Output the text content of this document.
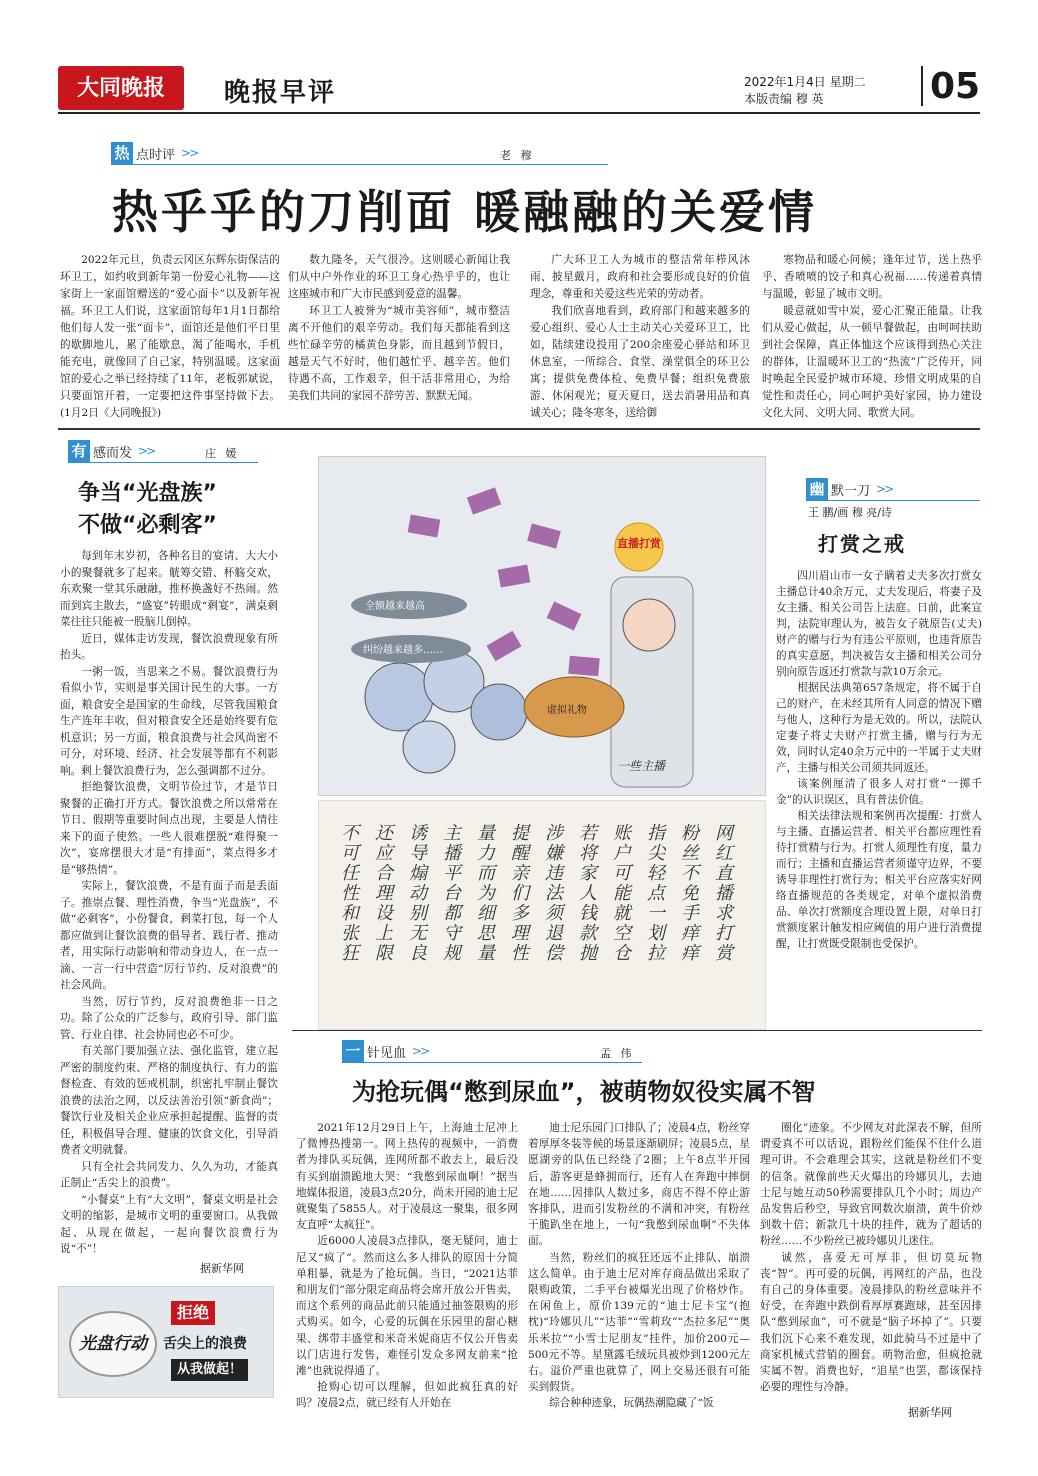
大同晚报	晚报早评	2022年1月4日 星期二
本版责编 穆 英	05
热 点时评 >>	老 穆
热乎乎的刀削面 暖融融的关爱情

2022年元旦，负责云冈区东辉东街保洁的环卫工，如约收到新年第一份爱心礼物——这家街上一家面馆赠送的“爱心面卡”以及新年祝福。环卫工人们说，这家面馆每年1月1日都给他们每人发一张“面卡”，面馆还是他们平日里的歇脚地儿，累了能歇息，渴了能喝水，手机能充电，就像回了自己家，特别温暖。这家面馆的爱心之举已经持续了11年，老板郭斌说，只要面馆开着，一定要把这件事坚持做下去。(1月2日《大同晚报》)

数九隆冬，天气很冷。这则暖心新闻让我们从中户外作业的环卫工身心热乎乎的，也让这座城市和广大市民感到爱意的温馨。

环卫工人被誉为“城市美容师”，城市整洁离不开他们的艰辛劳动。我们每天都能看到这些忙碌辛劳的橘黄色身影，而且越到节假日，越是天气不好时，他们越忙乎、越辛苦。他们待遇不高，工作艰辛，但干活非常用心，为给美我们共同的家园不辞劳苦、默默无闻。

广大环卫工人为城市的整洁常年栉风沐雨、披星戴月，政府和社会要形成良好的价值理念，尊重和关爱这些光荣的劳动者。

我们欣喜地看到，政府部门和越来越多的爱心组织、爱心人士主动关心关爱环卫工，比如，陆续建设投用了200余座爱心驿站和环卫休息室，一所综合、食堂、澡堂俱全的环卫公寓；提供免费体检、免费早餐；组织免费旅游、休闲观光；夏天夏日，送去消暑用品和真诚关心；隆冬寒冬，送给御

寒物品和暖心问候；逢年过节，送上热乎乎、香喷喷的饺子和真心祝福……传递着真情与温暖，彰显了城市文明。

暖意就如雪中炭，爱心汇聚正能量。让我们从爱心做起，从一顿早餐做起，由呵呵扶助到社会保障，真正体恤这个应该得到热心关注的群体，让温暖环卫工的“热流”广泛传开，同时唤起全民爱护城市环境、珍惜文明成果的自觉性和责任心，同心呵护美好家园，协力建设文化大同、文明大同、歌赏大同。

有 感而发 >>	庄 媛
争当“光盘族”
不做“必剩客”

每到年末岁初，各种名目的宴请、大大小小的聚餐就多了起来。觥筹交错、杯觞交欢，东欢聚一堂其乐融融，推杯换盏好不热闹。然而到宾主散去，“盛宴”转眼成“剩宴”，满桌剩菜往往只能被一股脑儿倒掉。

近日，媒体走访发现，餐饮浪费现象有所抬头。

一粥一饭，当思来之不易。餐饮浪费行为看似小节，实则是事关国计民生的大事。一方面，粮食安全是国家的生命线，尽管我国粮食生产连年丰收，但对粮食安全还是始终要有危机意识；另一方面，粮食浪费与社会风尚密不可分，对环境、经济、社会发展等都有不利影响。剩上餐饮浪费行为，怎么强调都不过分。

拒绝餐饮浪费，文明节俭过节，才是节日聚餐的正确打开方式。餐饮浪费之所以常常在节日、假期等重要时间点出现，主要是人情往来下的面子使然。一些人很难摆脱“难得聚一次”，宴席摆很大才是“有排面”，菜点得多才是“够热情”。

实际上，餐饮浪费，不是有面子而是丢面子。推崇点餐、理性消费，争当“光盘族”，不做“必剩客”，小份餐食，剩菜打包，每一个人都应做到让餐饮浪费的倡导者、践行者、推动者，用实际行动影响和带动身边人，在一点一滴、一言一行中营造“厉行节约、反对浪费”的社会风尚。

当然，厉行节约，反对浪费绝非一日之功。除了公众的广泛参与，政府引导、部门监管、行业自律、社会协同也必不可少。

有关部门要加强立法、强化监管，建立起严密的制度约束、严格的制度执行、有力的监督检查、有效的惩戒机制，织密扎牢制止餐饮浪费的法治之网，以反法善治引领“新食尚”；餐饮行业及相关企业应承担起提醒、监督的责任，积极倡导合理、健康的饮食文化，引导消费者文明就餐。

只有全社会共同发力、久久为功，才能真正制止“舌尖上的浪费”。

“小餐桌”上有“大文明”，餐桌文明是社会文明的缩影，是城市文明的重要窗口。从我做起、从现在做起，一起向餐饮浪费行为说“不”！

据新华网
光盘行动
拒绝
舌尖上的浪费
从我做起！
直播打赏
全额越来越高
纠纷越来越多……
虚拟礼物
一些主播
网红直播求打赏
粉丝不免手痒痒
指尖轻点一划拉
账户可能就空仓
若将家人钱款抛
涉嫌违法须退偿
提醒亲们多理性
量力而为细思量
主播平台都守规
诱导煽动别无良
还应合理设上限
不可任性和张狂
幽 默一刀 >>
王 鹏/画 穆 亮/诗
打赏之戒

四川眉山市一女子瞒着丈夫多次打赏女主播总计40余万元，丈夫发现后，将妻子及女主播、相关公司告上法庭。日前，此案宣判，法院审理认为，被告女子就原告(丈夫)财产的赠与行为有违公平原则，也违背原告的真实意愿，判决被告女主播和相关公司分别向原告返还打赏款与款10万余元。

根据民法典第657条规定，将不属于自己的财产，在未经其所有人同意的情况下赠与他人，这种行为是无效的。所以，法院认定妻子将丈夫财产打赏主播，赠与行为无效，同时认定40余万元中的一半属于丈夫财产，主播与相关公司须共同返还。

该案例厘清了很多人对打赏“一掷千金”的认识误区，具有普法价值。

相关法律法规和案例再次提醒：打赏人与主播、直播运营者、相关平台都应理性看待打赏精与行为。打赏人须理性有度，量力而行；主播和直播运营者须谨守边界，不要诱导非理性打赏行为；相关平台应落实好网络直播规范的各类规定，对单个虚拟消费品、单次打赏额度合理设置上限，对单日打赏额度累计触发相应阈值的用户进行消费提醒，让打赏既受限制也受保护。

一 针见血 >>	孟 伟
为抢玩偶“憋到尿血”，被萌物奴役实属不智

2021年12月29日上午，上海迪士尼冲上了微博热搜第一。网上热传的视频中，一消费者为排队买玩偶，连网所都不敢去上，最后没有买到崩溃跪地大哭：“我憋到尿血啊！”据当地媒体报道，凌晨3点20分，尚未开园的迪士尼就聚集了5855人。对于凌晨这一聚集，很多网友直呼“太疯狂”。

近6000人凌晨3点排队，毫无疑问，迪士尼又“疯了”。然而这么多人排队的原因十分简单粗暴，就是为了抢玩偶。当日，“2021达菲和朋友们”部分限定商品将会席开放公开售卖，而这个系列的商品此前只能通过抽签限购的形式购买。如今，心爱的玩偶在乐园里的甜心糖果、绑带丰盛堂和米奇米妮商店不仅公开售卖以门店进行发售，难怪引发众多网友前来“抢滩”也就说得通了。

抢购心切可以理解，但如此疯狂真的好吗？凌晨2点，就已经有人开始在

迪士尼乐园门口排队了；凌晨4点，粉丝穿着厚厚冬装等候的场景逐渐刷屏；凌晨5点，星愿湖旁的队伍已经绕了2圈；上午8点半开园后，游客更是蜂拥而行，还有人在奔跑中摔倒在地……因排队人数过多，商店不得不停止游客排队，进而引发粉丝的不满和冲突，有粉丝干脆趴坐在地上，一句“我憋到尿血啊”不失体面。

当然，粉丝们的疯狂还远不止排队、崩溃这么简单。由于迪士尼对库存商品做出采取了限购政策，二手平台被爆光出现了价格炒作。在闲鱼上，原价139元的“迪士尼卡宝”(抱枕)“玲娜贝儿”“达菲”“雪莉玫”“杰拉多尼”“奥乐米拉”“小雪士尼朋友”挂件，加价200元—500元不等。星黛露毛绒玩具被炒到1200元左右。溢价严重也就算了，网上交易还很有可能买到假货。

综合种种迹象，玩偶热潮隐藏了“饭

圈化”迹象。不少网友对此深表不解，但所谓爱真不可以话说，跟粉丝们能保不住什么道理可讲。不会难理会其实，这就是粉丝们不变的信条。就像前些天火爆出的玲娜贝儿，去迪士尼与她互动50秒需要排队几个小时；周边产品发售后秒空，导致官网数次崩溃，黄牛价炒到数十倍；新款几十块的挂件，就为了超话的粉丝……不少粉丝已被玲娜贝儿迷住。

诚然，喜爱无可厚非，但切莫玩物丧“智”。再可爱的玩偶，再网红的产品，也没有自己的身体重要。凌晨排队的粉丝意味并不好受，在奔跑中跌倒看厚厚赛跑球，甚至因排队“憋到尿血”，可不就是“脑子坏掉了”。只要我们沉下心来不难发现，如此骑马不过是中了商家机械式营销的圈套。萌物治愈，但疯抢就实属不智。消费也好，“追星”也罢，都该保持必要的理性与冷静。

据新华网
